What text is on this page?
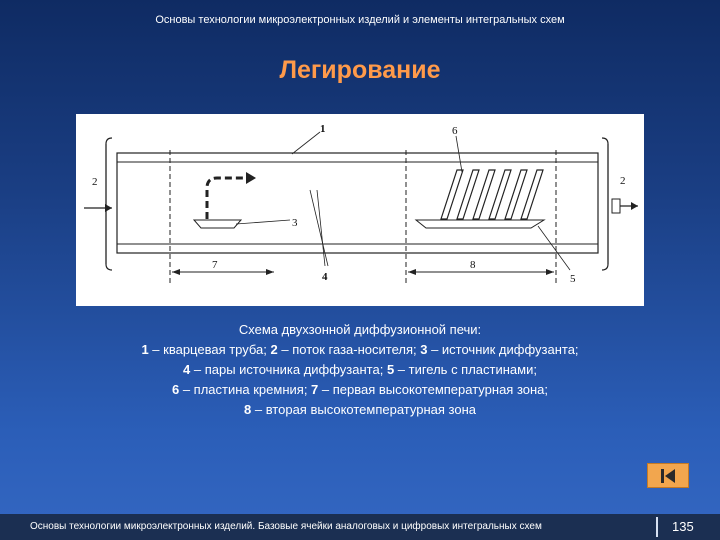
Основы технологии микроэлектронных изделий и элементы интегральных схем
Легирование
1
2	2
3
4	5
6
7	8
Схема двухзонной диффузионной печи:
1 – кварцевая труба; 2 – поток газа-носителя; 3 – источник диффузанта;
4 – пары источника диффузанта; 5 – тигель с пластинами;
6 – пластина кремния; 7 – первая высокотемпературная зона;
8 – вторая высокотемпературная зона
Основы технологии микроэлектронных изделий. Базовые ячейки аналоговых и цифровых интегральных схем	135
